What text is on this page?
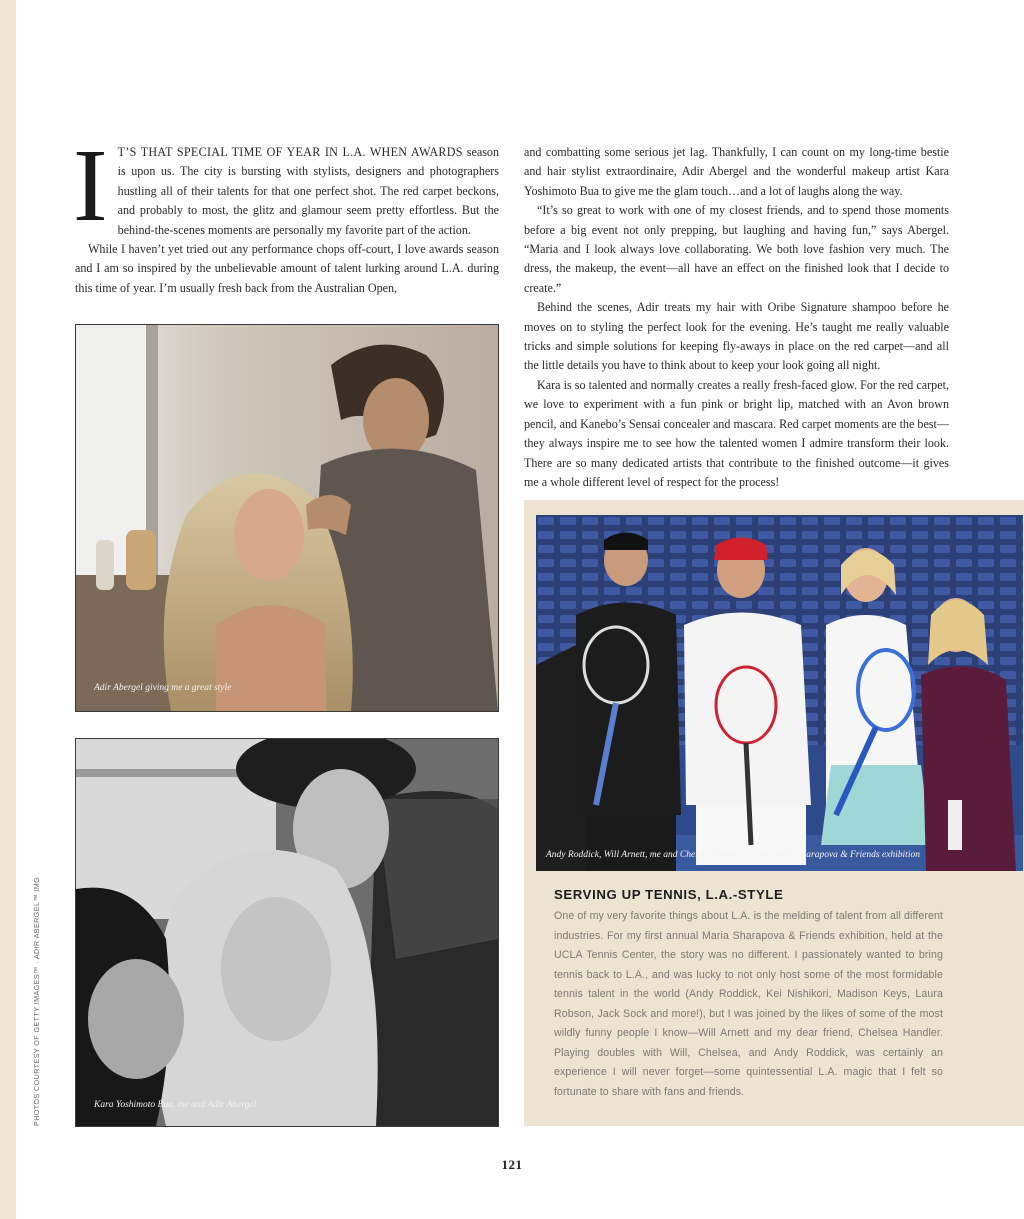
I T’S THAT SPECIAL TIME OF YEAR IN L.A. WHEN AWARDS season is upon us. The city is bursting with stylists, designers and photographers hustling all of their talents for that one perfect shot. The red carpet beckons, and probably to most, the glitz and glamour seem pretty effortless. But the behind-the-scenes moments are personally my favorite part of the action.

While I haven’t yet tried out any performance chops off-court, I love awards season and I am so inspired by the unbelievable amount of talent lurking around L.A. during this time of year. I’m usually fresh back from the Australian Open,

and combatting some serious jet lag. Thankfully, I can count on my long-time bestie and hair stylist extraordinaire, Adir Abergel and the wonderful makeup artist Kara Yoshimoto Bua to give me the glam touch…and a lot of laughs along the way.

“It’s so great to work with one of my closest friends, and to spend those moments before a big event not only prepping, but laughing and having fun,” says Abergel. “Maria and I look always love collaborating. We both love fashion very much. The dress, the makeup, the event—all have an effect on the finished look that I decide to create.”

Behind the scenes, Adir treats my hair with Oribe Signature shampoo before he moves on to styling the perfect look for the evening. He’s taught me really valuable tricks and simple solutions for keeping fly-aways in place on the red carpet—and all the little details you have to think about to keep your look going all night.

Kara is so talented and normally creates a really fresh-faced glow. For the red carpet, we love to experiment with a fun pink or bright lip, matched with an Avon brown pencil, and Kanebo’s Sensai concealer and mascara. Red carpet moments are the best—they always inspire me to see how the talented women I admire transform their look. There are so many dedicated artists that contribute to the finished outcome—it gives me a whole different level of respect for the process!

Adir Abergel giving me a great style
Kara Yoshimoto Bua, me and Adir Abergel
Andy Roddick, Will Arnett, me and Chelsea Handler at the Maria Sharapova & Friends exhibition
SERVING UP TENNIS, L.A.-STYLE
One of my very favorite things about L.A. is the melding of talent from all different industries. For my first annual Maria Sharapova & Friends exhibition, held at the UCLA Tennis Center, the story was no different. I passionately wanted to bring tennis back to L.A., and was lucky to not only host some of the most formidable tennis talent in the world (Andy Roddick, Kei Nishikori, Madison Keys, Laura Robson, Jack Sock and more!), but I was joined by the likes of some of the most wildly funny people I know—Will Arnett and my dear friend, Chelsea Handler. Playing doubles with Will, Chelsea, and Andy Roddick, was certainly an experience I will never forget—some quintessential L.A. magic that I felt so fortunate to share with fans and friends.
PHOTOS COURTESY OF GETTY IMAGES™ · ADIR ABERGEL™ IMG
121
